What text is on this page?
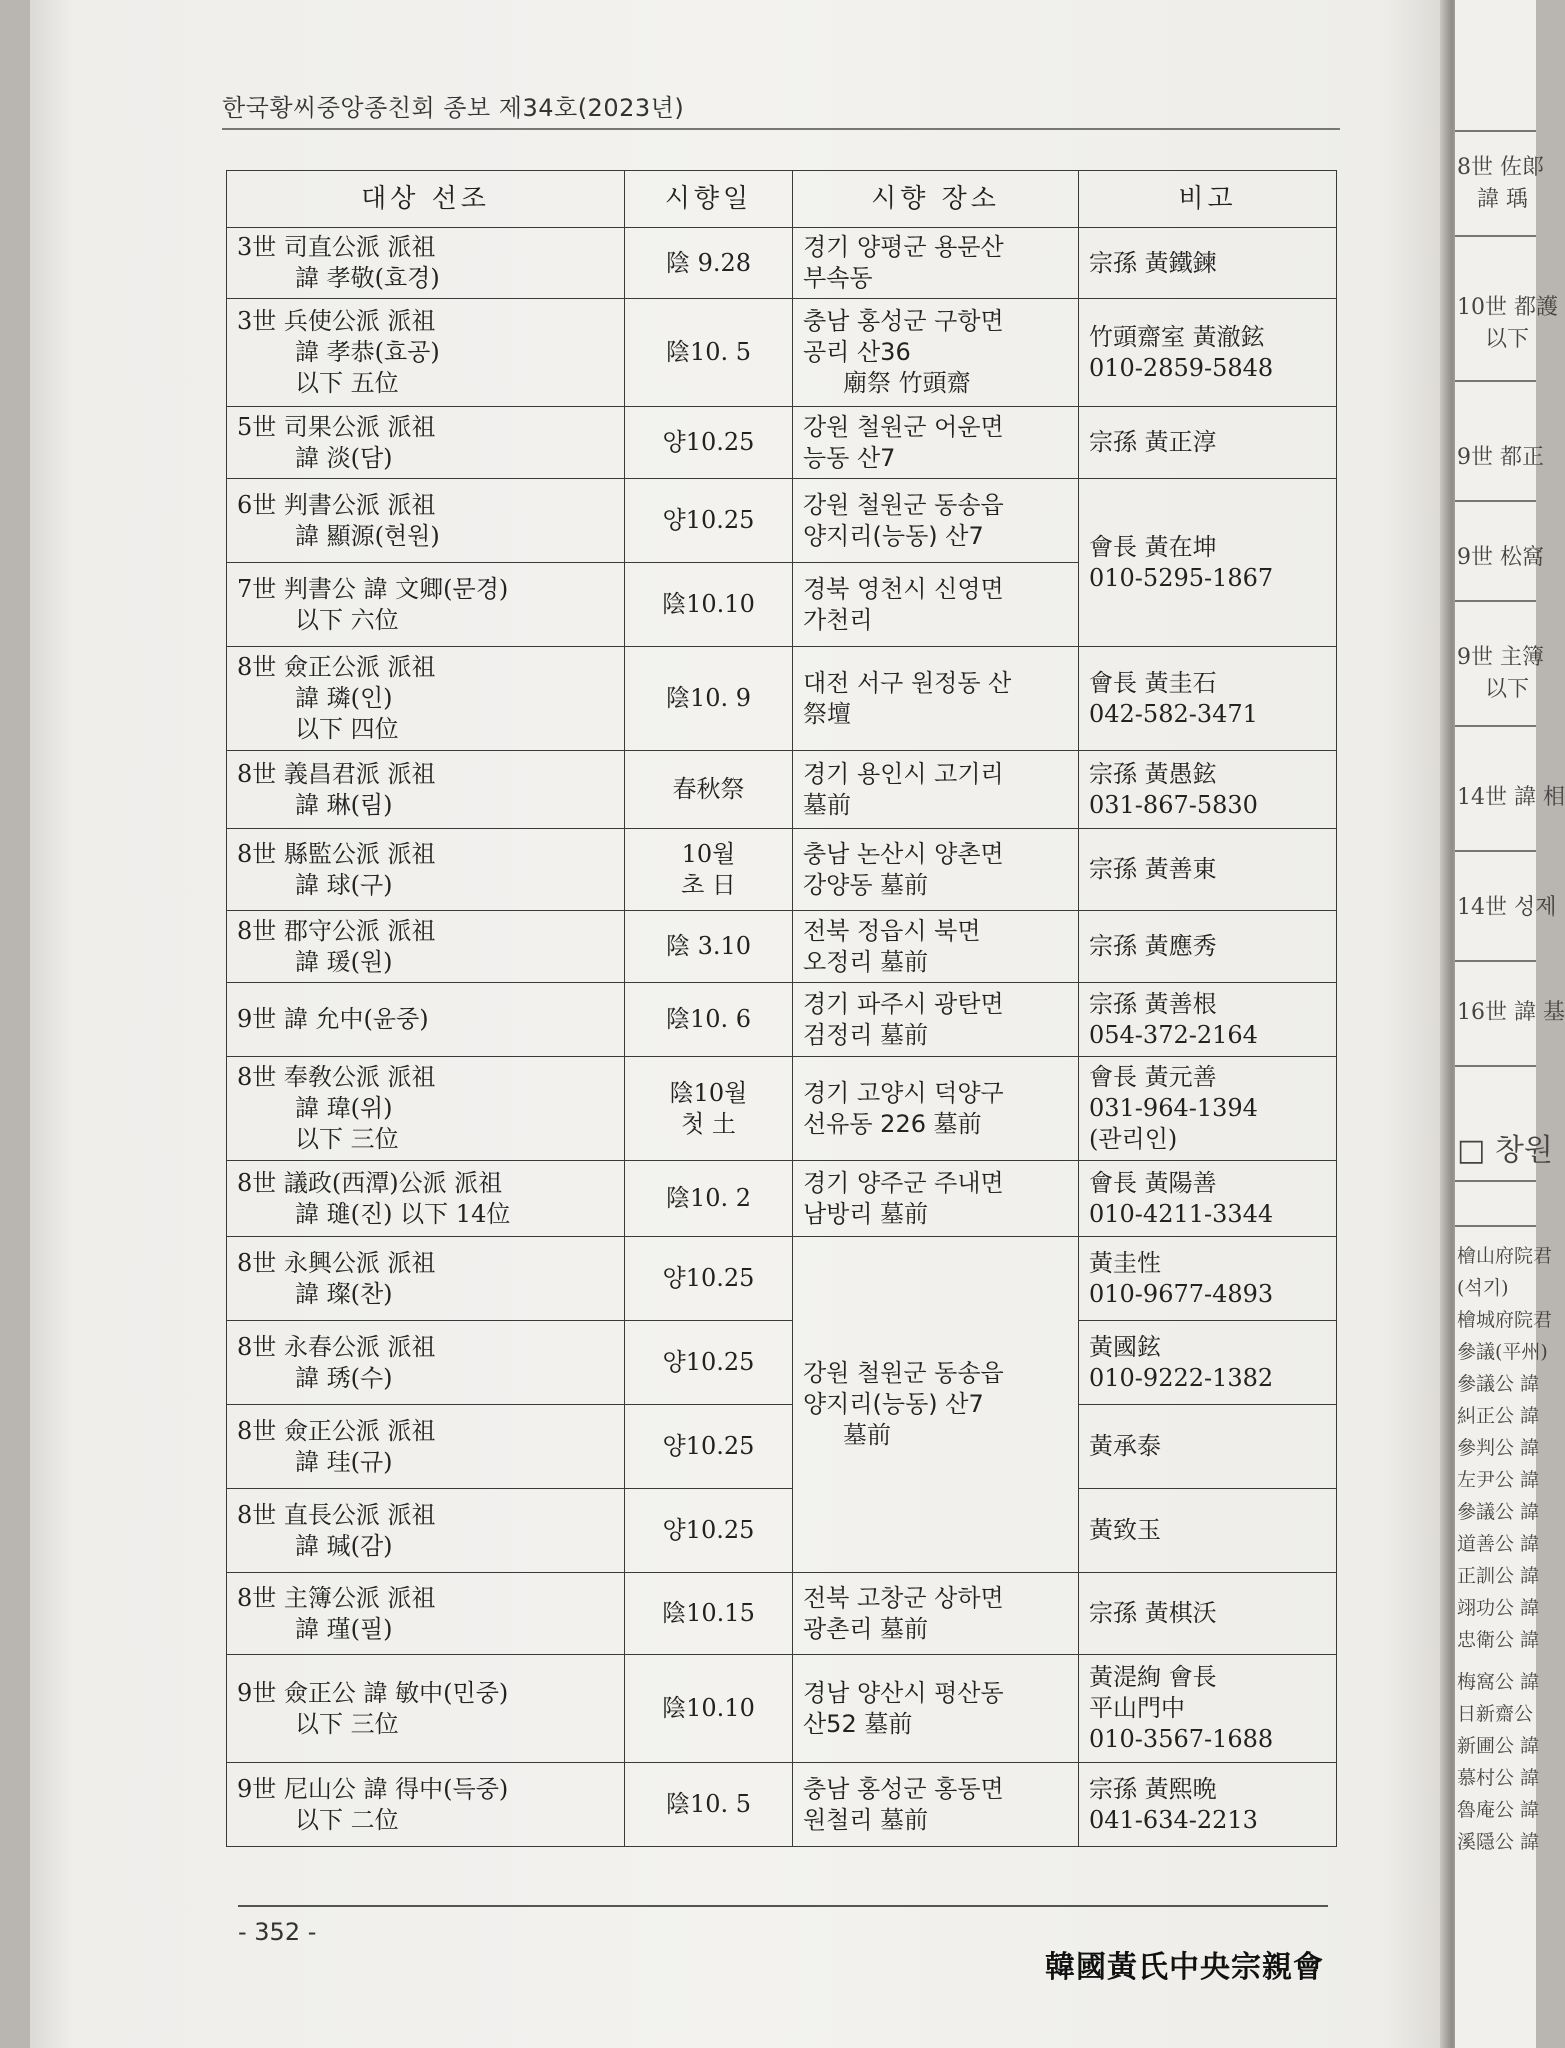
한국황씨중앙종친회 종보 제34호(2023년)
대상 선조	시향일	시향 장소	비고

3世 司直公派 派祖
諱 孝敬(효경)	陰 9.28	경기 양평군 용문산
부속동	宗孫 黃鐵鍊

3世 兵使公派 派祖
諱 孝恭(효공)
以下 五位	陰10. 5	충남 홍성군 구항면
공리 산36
廟祭 竹頭齋	竹頭齋室 黃澈鉉
010-2859-5848

5世 司果公派 派祖
諱 淡(담)	양10.25	강원 철원군 어운면
능동 산7	宗孫 黃正淳

6世 判書公派 派祖
諱 顯源(현원)	양10.25	강원 철원군 동송읍
양지리(능동) 산7	會長 黃在坤
010-5295-1867

7世 判書公 諱 文卿(문경)
以下 六位	陰10.10	경북 영천시 신영면
가천리	

8世 僉正公派 派祖
諱 璘(인)
以下 四位	陰10. 9	대전 서구 원정동 산
祭壇	會長 黃圭石
042-582-3471

8世 義昌君派 派祖
諱 琳(림)	春秋祭	경기 용인시 고기리
墓前	宗孫 黃愚鉉
031-867-5830

8世 縣監公派 派祖
諱 球(구)	10월
초 日	충남 논산시 양촌면
강양동 墓前	宗孫 黃善東

8世 郡守公派 派祖
諱 瑗(원)	陰 3.10	전북 정읍시 북면
오정리 墓前	宗孫 黃應秀

9世 諱 允中(윤중)	陰10. 6	경기 파주시 광탄면
검정리 墓前	宗孫 黃善根
054-372-2164

8世 奉敎公派 派祖
諱 瑋(위)
以下 三位	陰10월
첫 土	경기 고양시 덕양구
선유동 226 墓前	會長 黃元善
031-964-1394
(관리인)

8世 議政(西潭)公派 派祖
諱 璡(진) 以下 14位	陰10. 2	경기 양주군 주내면
남방리 墓前	會長 黃陽善
010-4211-3344

8世 永興公派 派祖
諱 璨(찬)	양10.25	강원 철원군 동송읍
양지리(능동) 산7
墓前	黃圭性
010-9677-4893

8世 永春公派 派祖
諱 琇(수)	양10.25		黃國鉉
010-9222-1382

8世 僉正公派 派祖
諱 珪(규)	양10.25		黃承泰

8世 直長公派 派祖
諱 瑊(감)	양10.25		黃致玉

8世 主簿公派 派祖
諱 瑾(필)	陰10.15	전북 고창군 상하면
광촌리 墓前	宗孫 黃棋沃

9世 僉正公 諱 敏中(민중)
以下 三位	陰10.10	경남 양산시 평산동
산52 墓前	黃湜絢 會長
平山門中
010-3567-1688

9世 尼山公 諱 得中(득중)
以下 二位	陰10. 5	충남 홍성군 홍동면
원철리 墓前	宗孫 黃熙晩
041-634-2213
- 352 -
韓國黃氏中央宗親會
8世 佐郞
諱 瑀
10世 都護
以下
9世 都正
9世 松窩
9世 主簿
以下
14世 諱 相
14世 성제
16世 諱 基
□ 창원
檜山府院君
(석기)
檜城府院君
參議(平州)
參議公 諱
糾正公 諱
參判公 諱
左尹公 諱
參議公 諱
道善公 諱
正訓公 諱
翊功公 諱
忠衛公 諱
梅窩公 諱
日新齋公
新圃公 諱
慕村公 諱
魯庵公 諱
溪隱公 諱
